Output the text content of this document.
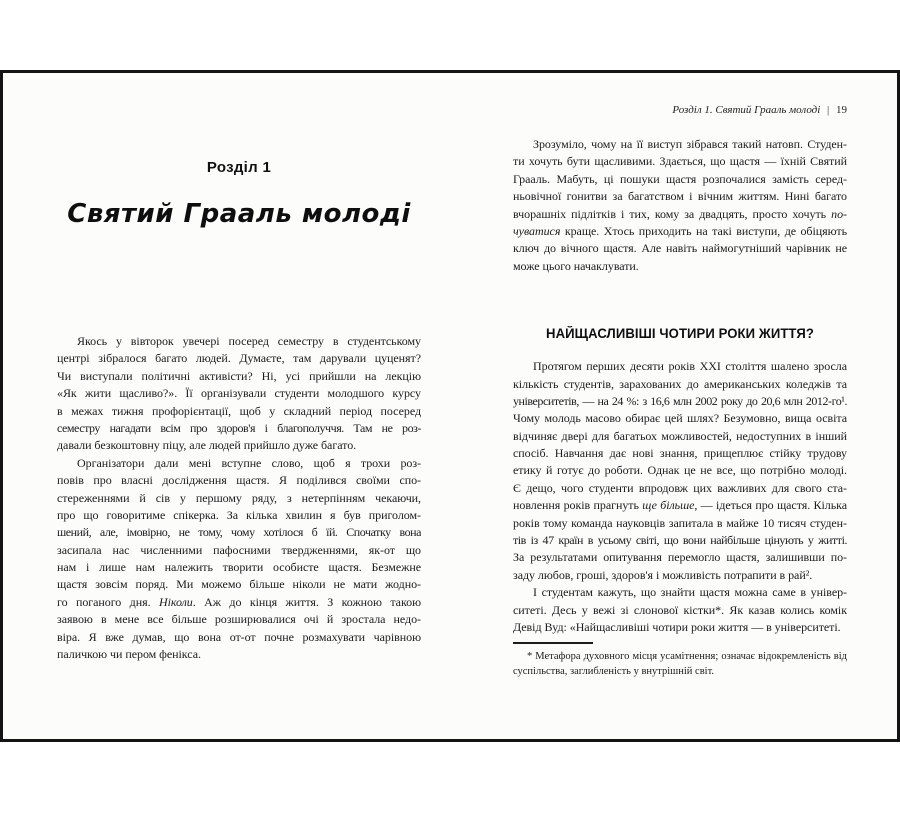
Розділ 1
Святий Грааль молоді
Якось у вівторок увечері посеред семестру в студентському
центрі зібралося багато людей. Думаєте, там дарували цуценят?
Чи виступали політичні активісти? Ні, усі прийшли на лекцію
«Як жити щасливо?». Її організували студенти молодшого курсу
в межах тижня профорієнтації, щоб у складний період посеред
семестру нагадати всім про здоров'я і благополуччя. Там не роз-
давали безкоштовну піцу, але людей прийшло дуже багато.
Організатори дали мені вступне слово, щоб я трохи роз-
повів про власні дослідження щастя. Я поділився своїми спо-
стереженнями й сів у першому ряду, з нетерпінням чекаючи,
про що говоритиме спікерка. За кілька хвилин я був приголом-
шений, але, імовірно, не тому, чому хотілося б їй. Спочатку вона
засипала нас численними пафосними твердженнями, як-от що
нам і лише нам належить творити особисте щастя. Безмежне
щастя зовсім поряд. Ми можемо більше ніколи не мати жодно-
го поганого дня. Ніколи. Аж до кінця життя. З кожною такою
заявою в мене все більше розширювалися очі й зростала недо-
віра. Я вже думав, що вона от-от почне розмахувати чарівною
паличкою чи пером фенікса.
Розділ 1. Святий Грааль молоді | 19
Зрозуміло, чому на її виступ зібрався такий натовп. Студен-
ти хочуть бути щасливими. Здається, що щастя — їхній Святий
Грааль. Мабуть, ці пошуки щастя розпочалися замість серед-
ньовічної гонитви за багатством і вічним життям. Нині багато
вчорашніх підлітків і тих, кому за двадцять, просто хочуть по-
чуватися краще. Хтось приходить на такі виступи, де обіцяють
ключ до вічного щастя. Але навіть наймогутніший чарівник не
може цього начаклувати.
НАЙЩАСЛИВІШІ ЧОТИРИ РОКИ ЖИТТЯ?
Протягом перших десяти років XXI століття шалено зросла
кількість студентів, зарахованих до американських коледжів та
університетів, — на 24 %: з 16,6 млн 2002 року до 20,6 млн 2012-го¹.
Чому молодь масово обирає цей шлях? Безумовно, вища освіта
відчиняє двері для багатьох можливостей, недоступних в інший
спосіб. Навчання дає нові знання, прищеплює стійку трудову
етику й готує до роботи. Однак це не все, що потрібно молоді.
Є дещо, чого студенти впродовж цих важливих для свого ста-
новлення років прагнуть ще більше, — ідеться про щастя. Кілька
років тому команда науковців запитала в майже 10 тисяч студен-
тів із 47 країн в усьому світі, що вони найбільше цінують у житті.
За результатами опитування перемогло щастя, залишивши по-
заду любов, гроші, здоров'я і можливість потрапити в рай².
І студентам кажуть, що знайти щастя можна саме в універ-
ситеті. Десь у вежі зі слонової кістки*. Як казав колись комік
Девід Вуд: «Найщасливіші чотири роки життя — в університеті.
* Метафора духовного місця усамітнення; означає відокремленість від
суспільства, заглибленість у внутрішній світ.
